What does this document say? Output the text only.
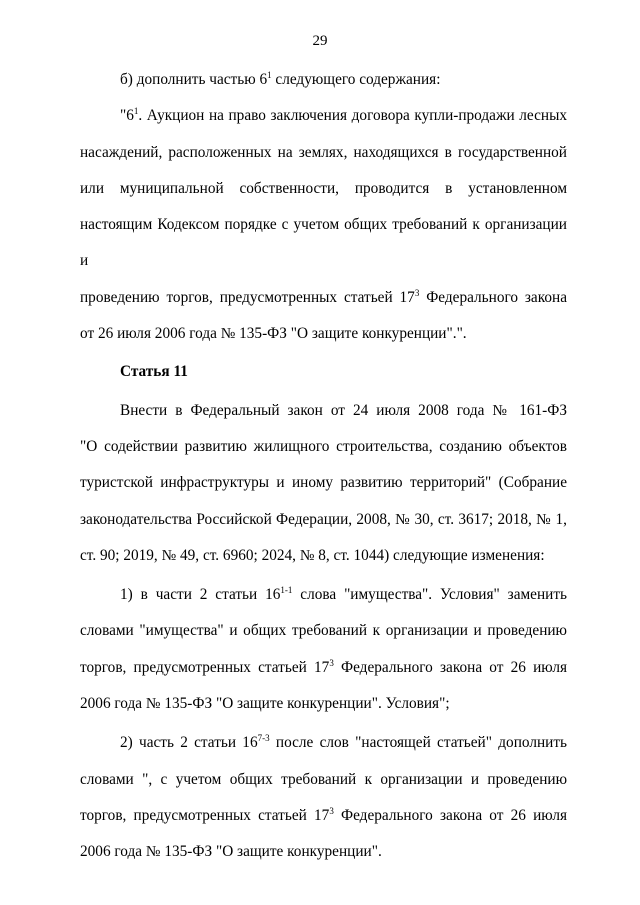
29

б) дополнить частью $6^1$ следующего содержания:

"$6^1$. Аукцион на право заключения договора купли-продажи лесных
насаждений, расположенных на землях, находящихся в государственной
или муниципальной собственности, проводится в установленном
настоящим Кодексом порядке с учетом общих требований к организации и
проведению торгов, предусмотренных статьей $17^3$ Федерального закона
от 26 июля 2006 года № 135-ФЗ "О защите конкуренции".".

Статья 11

Внести в Федеральный закон от 24 июля 2008 года № 161-ФЗ
"О содействии развитию жилищного строительства, созданию объектов
туристской инфраструктуры и иному развитию территорий" (Собрание
законодательства Российской Федерации, 2008, № 30, ст. 3617; 2018, № 1,
ст. 90; 2019, № 49, ст. 6960; 2024, № 8, ст. 1044) следующие изменения:
1) в части 2 статьи 16$^{1-1}$ слова "имущества". Условия" заменить
словами "имущества" и общих требований к организации и проведению
торгов, предусмотренных статьей $17^3$ Федерального закона от 26 июля
2006 года № 135-ФЗ "О защите конкуренции". Условия";
2) часть 2 статьи 16$^{7-3}$ после слов "настоящей статьей" дополнить
словами ", с учетом общих требований к организации и проведению
торгов, предусмотренных статьей $17^3$ Федерального закона от 26 июля
2006 года № 135-ФЗ "О защите конкуренции".
